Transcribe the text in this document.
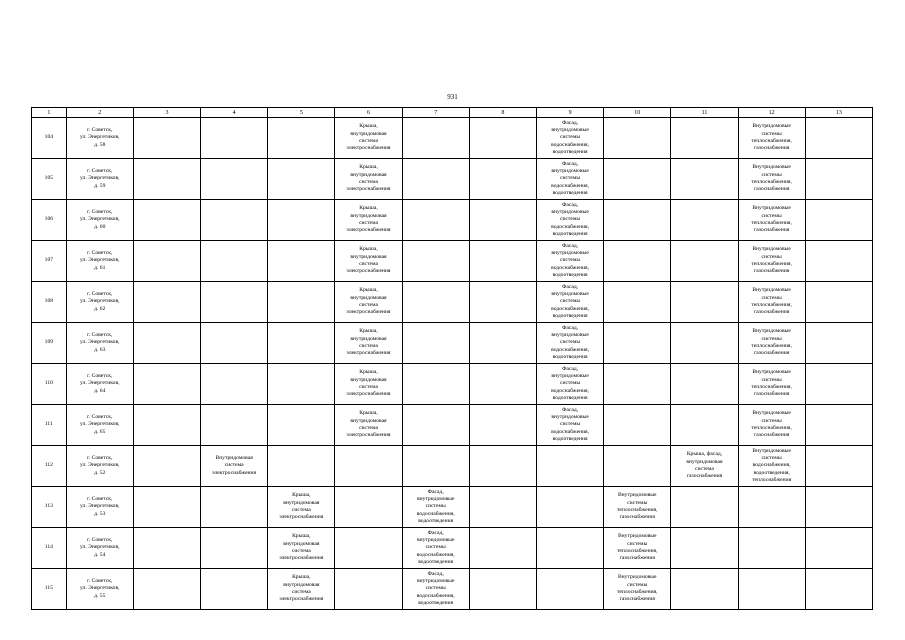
931
1	2	3	4	5	6	7	8	9	10	11	12	13

104	г. Советск,
ул. Энергетиков,
д. 58				Крыша,
внутридомовая
система
электроснабжения			Фасад,
внутридомовые
системы
водоснабжения,
водоотведения			Внутридомовые
системы
теплоснабжения,
газоснабжения	

105	г. Советск,
ул. Энергетиков,
д. 59				Крыша,
внутридомовая
система
электроснабжения			Фасад,
внутридомовые
системы
водоснабжения,
водоотведения			Внутридомовые
системы
теплоснабжения,
газоснабжения	

106	г. Советск,
ул. Энергетиков,
д. 60				Крыша,
внутридомовая
система
электроснабжения			Фасад,
внутридомовые
системы
водоснабжения,
водоотведения			Внутридомовые
системы
теплоснабжения,
газоснабжения	

107	г. Советск,
ул. Энергетиков,
д. 61				Крыша,
внутридомовая
система
электроснабжения			Фасад,
внутридомовые
системы
водоснабжения,
водоотведения			Внутридомовые
системы
теплоснабжения,
газоснабжения	

108	г. Советск,
ул. Энергетиков,
д. 62				Крыша,
внутридомовая
система
электроснабжения			Фасад,
внутридомовые
системы
водоснабжения,
водоотведения			Внутридомовые
системы
теплоснабжения,
газоснабжения	

109	г. Советск,
ул. Энергетиков,
д. 63				Крыша,
внутридомовая
система
электроснабжения			Фасад,
внутридомовые
системы
водоснабжения,
водоотведения			Внутридомовые
системы
теплоснабжения,
газоснабжения	

110	г. Советск,
ул. Энергетиков,
д. 64				Крыша,
внутридомовая
система
электроснабжения			Фасад,
внутридомовые
системы
водоснабжения,
водоотведения			Внутридомовые
системы
теплоснабжения,
газоснабжения	

111	г. Советск,
ул. Энергетиков,
д. 65				Крыша,
внутридомовая
система
электроснабжения			Фасад,
внутридомовые
системы
водоснабжения,
водоотведения			Внутридомовые
системы
теплоснабжения,
газоснабжения	

112	г. Советск,
ул. Энергетиков,
д. 52		Внутридомовая
система
электроснабжения							Крыша, фасад,
внутридомовая
система
газоснабжения	Внутридомовые
системы
водоснабжения,
водоотведения,
теплоснабжения	

113	г. Советск,
ул. Энергетиков,
д. 53			Крыша,
внутридомовая
система
электроснабжения		Фасад,
внутридомовые
системы
водоснабжения,
водоотведения			Внутридомовые
системы
теплоснабжения,
газоснабжения			

114	г. Советск,
ул. Энергетиков,
д. 54			Крыша,
внутридомовая
система
электроснабжения		Фасад,
внутридомовые
системы
водоснабжения,
водоотведения			Внутридомовые
системы
теплоснабжения,
газоснабжения			

115	г. Советск,
ул. Энергетиков,
д. 55			Крыша,
внутридомовая
система
электроснабжения		Фасад,
внутридомовые
системы
водоснабжения,
водоотведения			Внутридомовые
системы
теплоснабжения,
газоснабжения			
